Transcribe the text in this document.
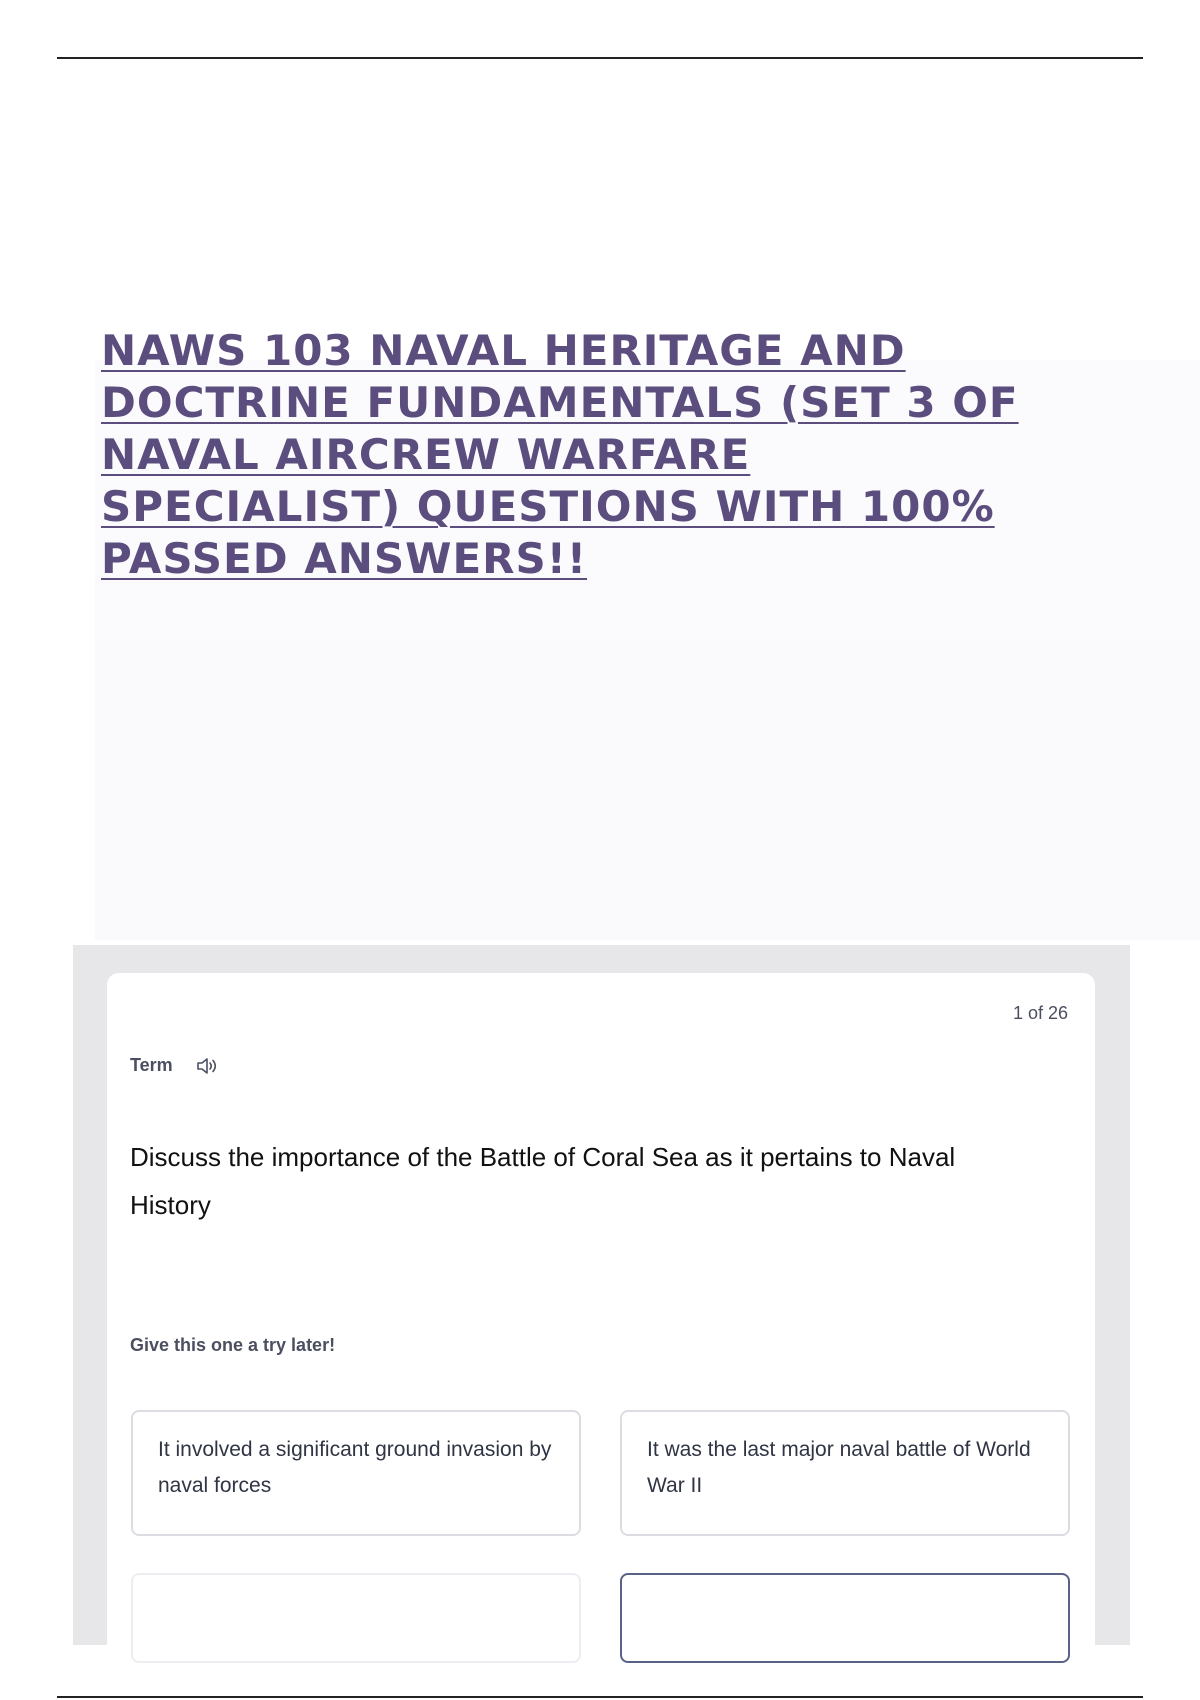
NAWS 103 NAVAL HERITAGE AND
DOCTRINE FUNDAMENTALS (SET 3 OF
NAVAL AIRCREW WARFARE
SPECIALIST) QUESTIONS WITH 100%
PASSED ANSWERS!!
1 of 26
Term

Discuss the importance of the Battle of Coral Sea as it pertains to Naval History

Give this one a try later!
It involved a significant ground invasion by naval forces
It was the last major naval battle of World War II
